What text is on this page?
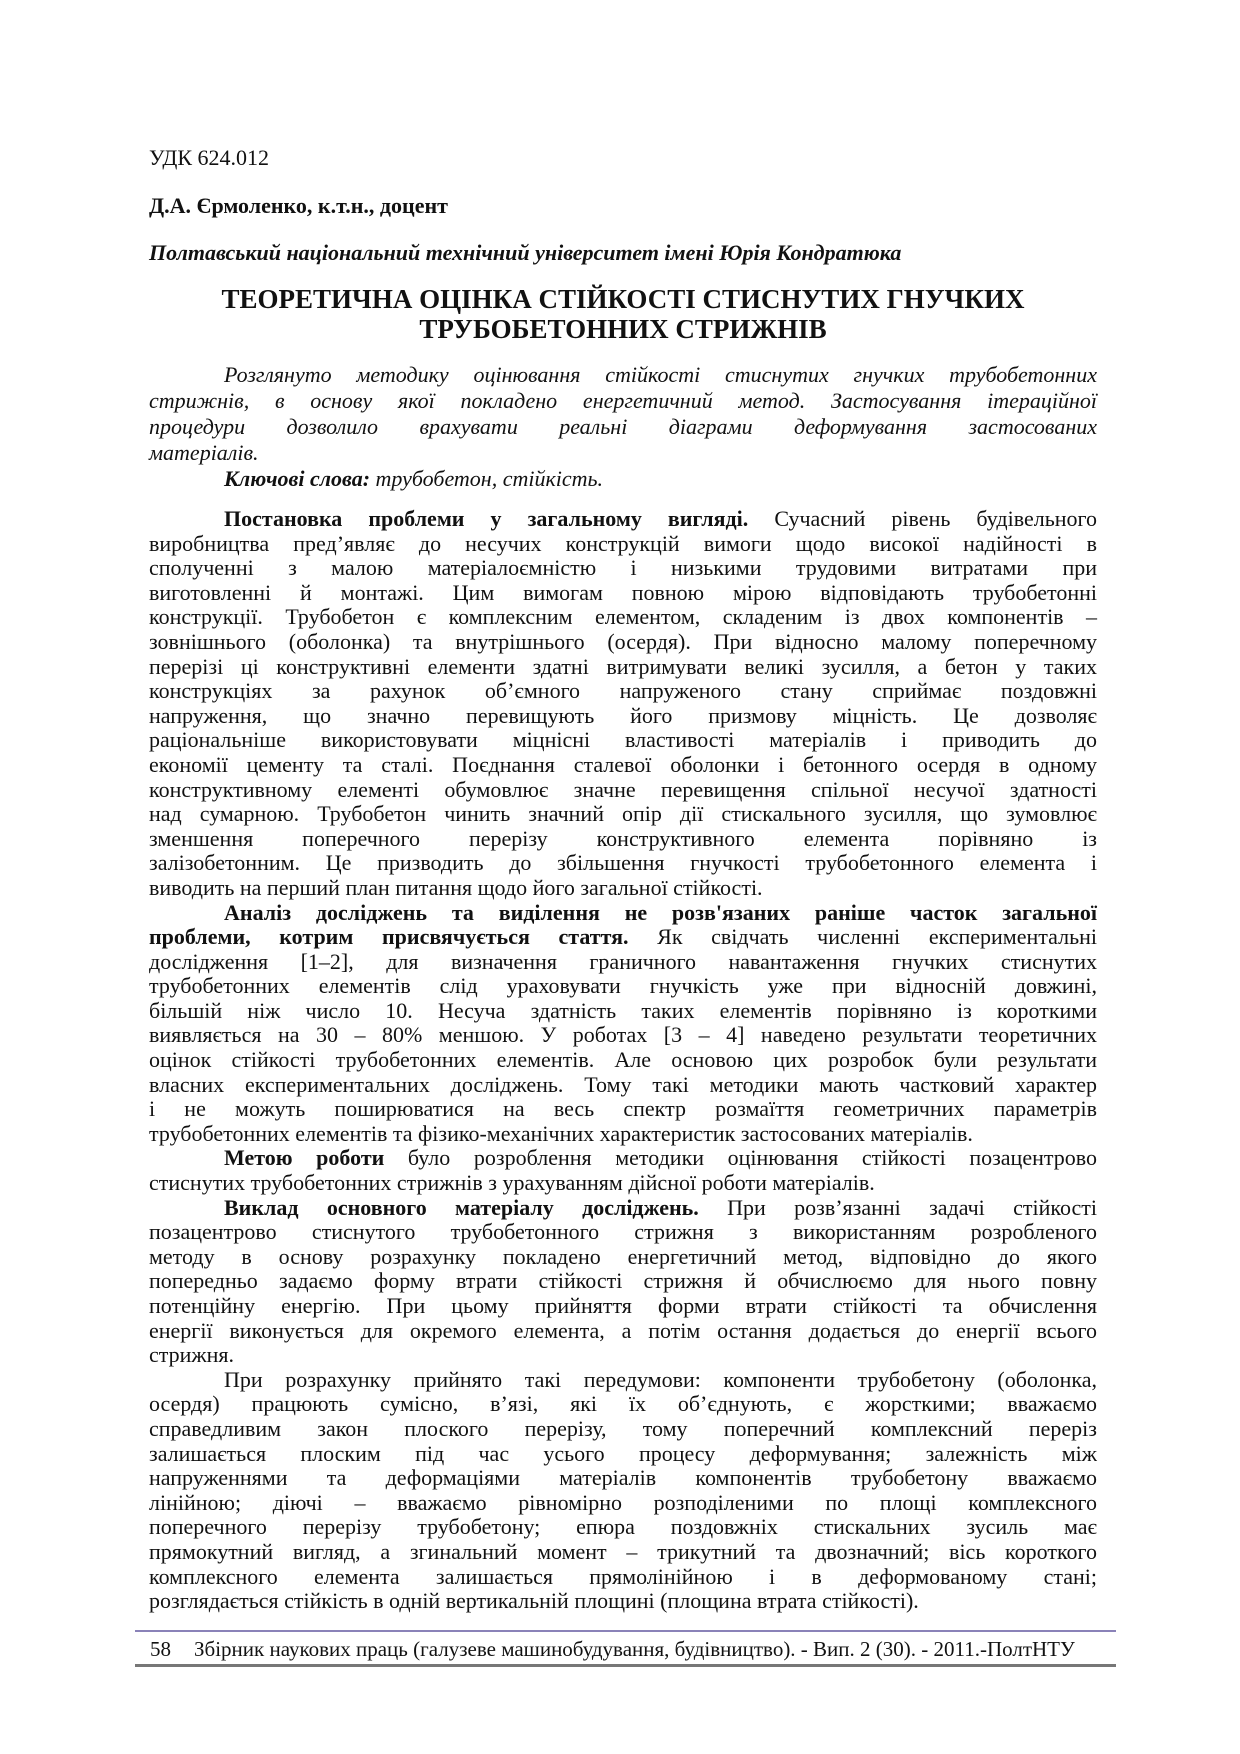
УДК 624.012
Д.А. Єрмоленко, к.т.н., доцент
Полтавський національний технічний університет імені Юрія Кондратюка
ТЕОРЕТИЧНА ОЦІНКА СТІЙКОСТІ СТИСНУТИХ ГНУЧКИХ
ТРУБОБЕТОННИХ СТРИЖНІВ
Розглянуто методику оцінювання стійкості стиснутих гнучких трубобетонних
стрижнів, в основу якої покладено енергетичний метод. Застосування ітераційної
процедури дозволило врахувати реальні діаграми деформування застосованих
матеріалів.
Ключові слова: трубобетон, стійкість.
Постановка проблеми у загальному вигляді. Сучасний рівень будівельного
виробництва пред’являє до несучих конструкцій вимоги щодо високої надійності в
сполученні з малою матеріалоємністю і низькими трудовими витратами при
виготовленні й монтажі. Цим вимогам повною мірою відповідають трубобетонні
конструкції. Трубобетон є комплексним елементом, складеним із двох компонентів –
зовнішнього (оболонка) та внутрішнього (осердя). При відносно малому поперечному
перерізі ці конструктивні елементи здатні витримувати великі зусилля, а бетон у таких
конструкціях за рахунок об’ємного напруженого стану сприймає поздовжні
напруження, що значно перевищують його призмову міцність. Це дозволяє
раціональніше використовувати міцнісні властивості матеріалів і приводить до
економії цементу та сталі. Поєднання сталевої оболонки і бетонного осердя в одному
конструктивному елементі обумовлює значне перевищення спільної несучої здатності
над сумарною. Трубобетон чинить значний опір дії стискального зусилля, що зумовлює
зменшення поперечного перерізу конструктивного елемента порівняно із
залізобетонним. Це призводить до збільшення гнучкості трубобетонного елемента і
виводить на перший план питання щодо його загальної стійкості.
Аналіз досліджень та виділення не розв'язаних раніше часток загальної
проблеми, котрим присвячується стаття. Як свідчать численні експериментальні
дослідження [1–2], для визначення граничного навантаження гнучких стиснутих
трубобетонних елементів слід ураховувати гнучкість уже при відносній довжині,
більшій ніж число 10. Несуча здатність таких елементів порівняно із короткими
виявляється на 30 – 80% меншою. У роботах [3 – 4] наведено результати теоретичних
оцінок стійкості трубобетонних елементів. Але основою цих розробок були результати
власних експериментальних досліджень. Тому такі методики мають частковий характер
і не можуть поширюватися на весь спектр розмаїття геометричних параметрів
трубобетонних елементів та фізико-механічних характеристик застосованих матеріалів.
Метою роботи було розроблення методики оцінювання стійкості позацентрово
стиснутих трубобетонних стрижнів з урахуванням дійсної роботи матеріалів.
Виклад основного матеріалу досліджень. При розв’язанні задачі стійкості
позацентрово стиснутого трубобетонного стрижня з використанням розробленого
методу в основу розрахунку покладено енергетичний метод, відповідно до якого
попередньо задаємо форму втрати стійкості стрижня й обчислюємо для нього повну
потенційну енергію. При цьому прийняття форми втрати стійкості та обчислення
енергії виконується для окремого елемента, а потім остання додається до енергії всього
стрижня.
При розрахунку прийнято такі передумови: компоненти трубобетону (оболонка,
осердя) працюють сумісно, в’язі, які їх об’єднують, є жорсткими; вважаємо
справедливим закон плоского перерізу, тому поперечний комплексний переріз
залишається плоским під час усього процесу деформування; залежність між
напруженнями та деформаціями матеріалів компонентів трубобетону вважаємо
лінійною; діючі – вважаємо рівномірно розподіленими по площі комплексного
поперечного перерізу трубобетону; епюра поздовжніх стискальних зусиль має
прямокутний вигляд, а згинальний момент – трикутний та двозначний; вісь короткого
комплексного елемента залишається прямолінійною і в деформованому стані;
розглядається стійкість в одній вертикальній площині (площина втрата стійкості).
58 Збірник наукових праць (галузеве машинобудування, будівництво). - Вип. 2 (30). - 2011.-ПолтНТУ
